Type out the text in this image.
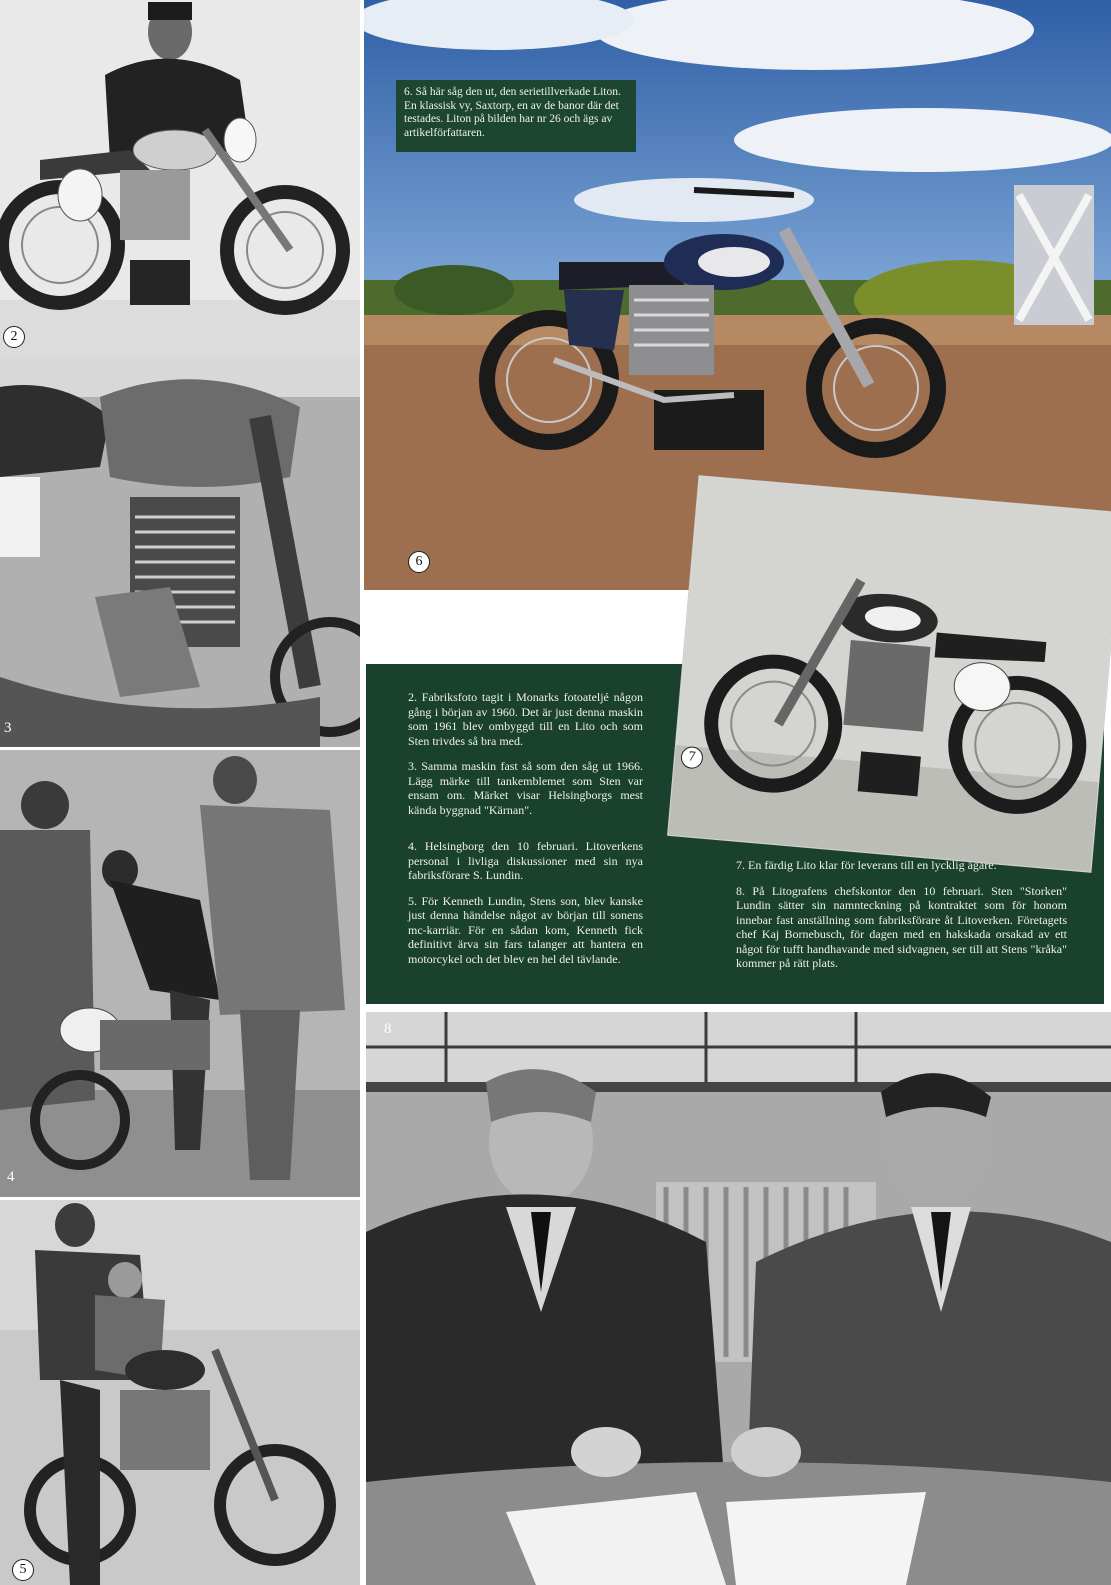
2
3
4
5

6. Så här såg den ut, den serietillverkade Liton. En klassisk vy, Saxtorp, en av de banor där det testades. Liton på bilden har nr 26 och ägs av artikelförfattaren.

6

2. Fabriksfoto tagit i Monarks fotoateljé någon gång i början av 1960. Det är just denna maskin som 1961 blev ombyggd till en Lito och som Sten trivdes så bra med.

3. Samma maskin fast så som den såg ut 1966. Lägg märke till tankemblemet som Sten var ensam om. Märket visar Helsingborgs mest kända byggnad "Kärnan".

4. Helsingborg den 10 februari. Litoverkens personal i livliga diskussioner med sin nya fabriksförare S. Lundin.

5. För Kenneth Lundin, Stens son, blev kanske just denna händelse något av början till sonens mc-karriär. För en sådan kom, Kenneth fick definitivt ärva sin fars talanger att hantera en motorcykel och det blev en hel del tävlande.

7. En färdig Lito klar för leverans till en lycklig ägare.

8. På Litografens chefskontor den 10 februari. Sten "Storken" Lundin sätter sin namnteckning på kontraktet som för honom innebar fast anställning som fabriksförare åt Litoverken. Företagets chef Kaj Bornebusch, för dagen med en hakskada orsakad av ett något för tufft handhavande med sidvagnen, ser till att Stens "kråka" kommer på rätt plats.

7
8
